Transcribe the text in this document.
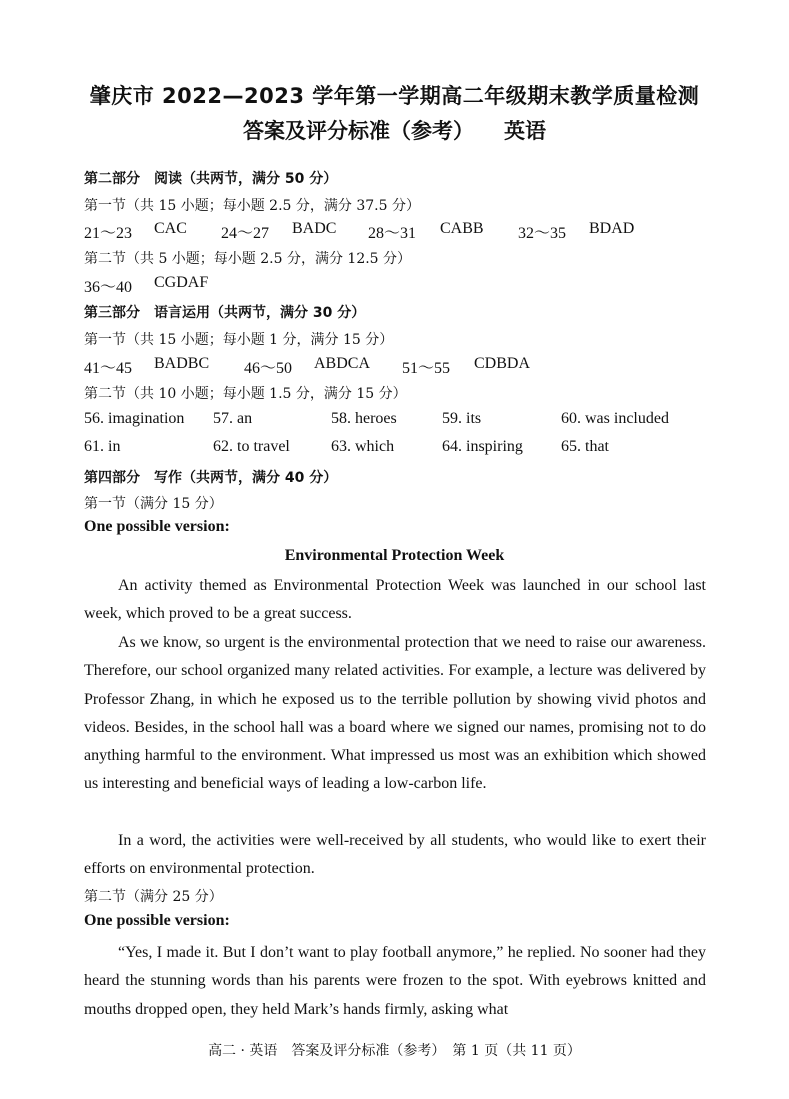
肇庆市 2022—2023 学年第一学期高二年级期末教学质量检测
答案及评分标准（参考） 英语
第二部分　阅读（共两节，满分 50 分）
第一节（共 15 小题；每小题 2.5 分，满分 37.5 分）
21～23 CAC 24～27 BADC 28～31 CABB 32～35 BDAD
第二节（共 5 小题；每小题 2.5 分，满分 12.5 分）
36～40 CGDAF
第三部分　语言运用（共两节，满分 30 分）
第一节（共 15 小题；每小题 1 分，满分 15 分）
41～45 BADBC 46～50 ABDCA 51～55 CDBDA
第二节（共 10 小题；每小题 1.5 分，满分 15 分）
56. imagination 57. an	58. heroes	59. its	60. was included
61. in	62. to travel	63. which	64. inspiring 65. that
第四部分　写作（共两节，满分 40 分）
第一节（满分 15 分）
One possible version:
Environmental Protection Week
An activity themed as Environmental Protection Week was launched in our school last week, which proved to be a great success.
As we know, so urgent is the environmental protection that we need to raise our awareness. Therefore, our school organized many related activities. For example, a lecture was delivered by Professor Zhang, in which he exposed us to the terrible pollution by showing vivid photos and videos. Besides, in the school hall was a board where we signed our names, promising not to do anything harmful to the environment. What impressed us most was an exhibition which showed us interesting and beneficial ways of leading a low-carbon life.
In a word, the activities were well-received by all students, who would like to exert their efforts on environmental protection.
第二节（满分 25 分）
One possible version:
“Yes, I made it. But I don’t want to play football anymore,” he replied. No sooner had they heard the stunning words than his parents were frozen to the spot. With eyebrows knitted and mouths dropped open, they held Mark’s hands firmly, asking what
高二 · 英语　答案及评分标准（参考）　第 1 页（共 11 页）
